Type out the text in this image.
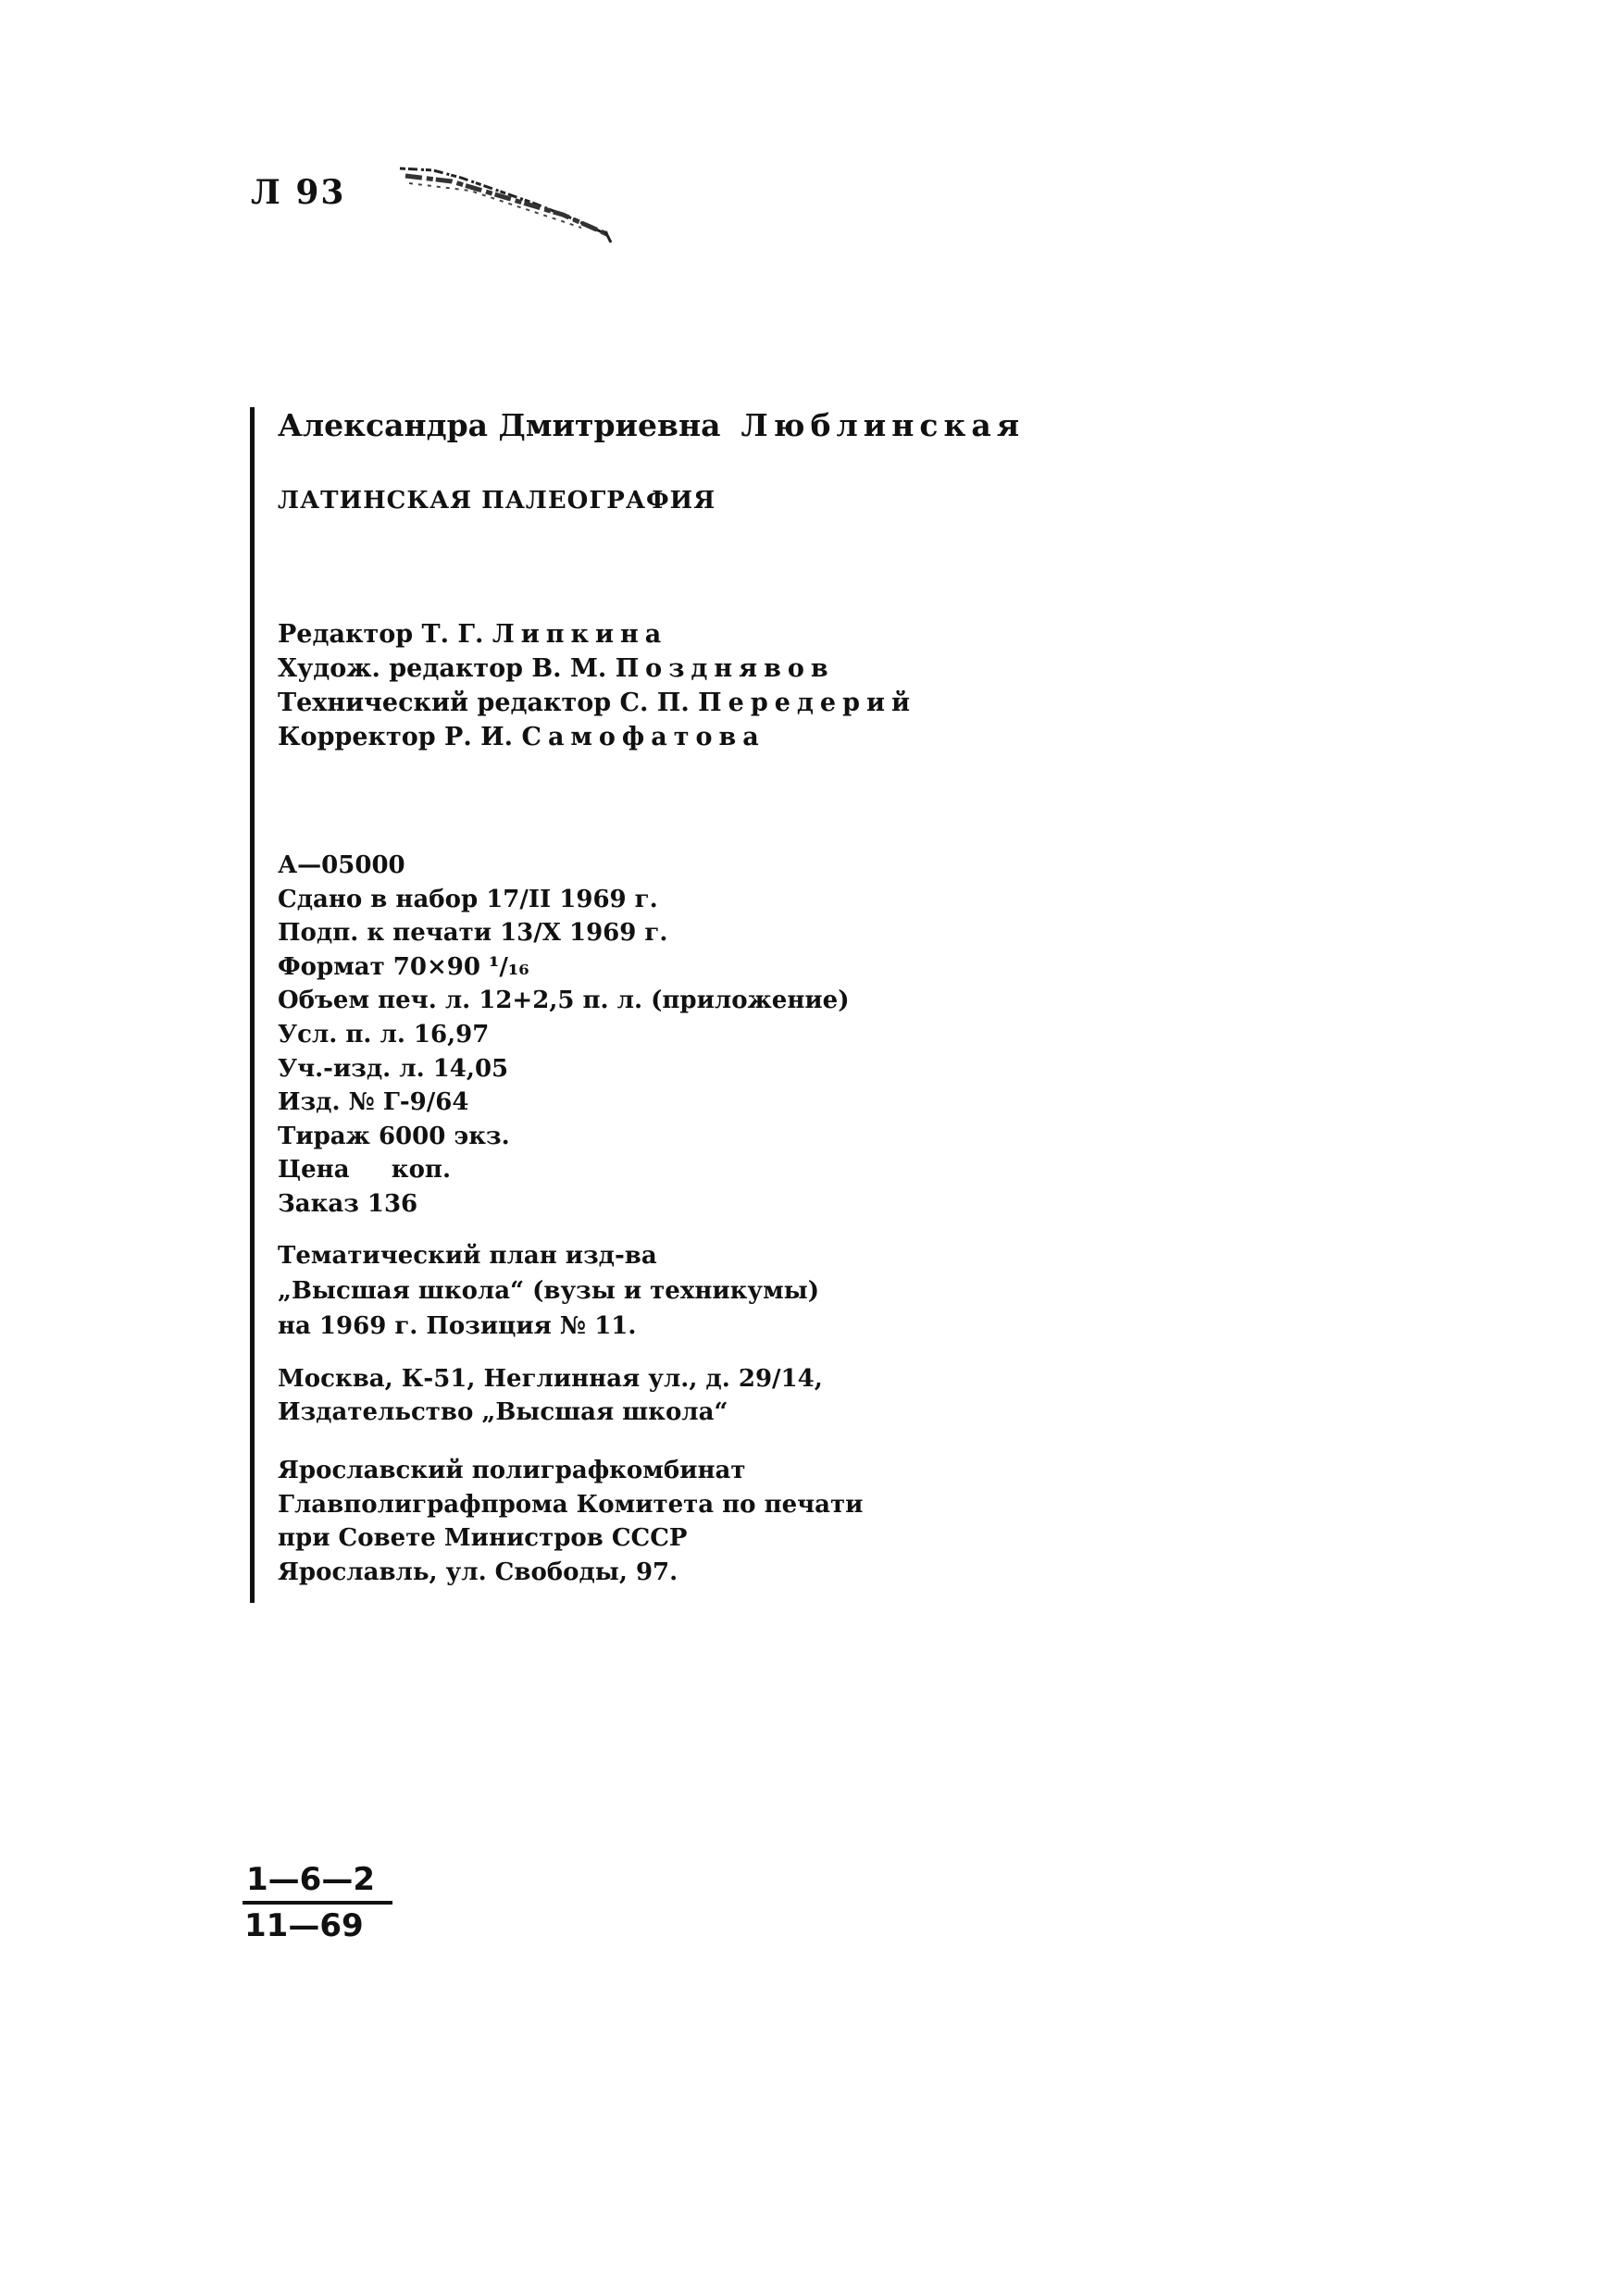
Л 93
Александра Дмитриевна Люблинская
ЛАТИНСКАЯ ПАЛЕОГРАФИЯ
Редактор Т. Г. Липкина
Худож. редактор В. М. Позднявов
Технический редактор С. П. Передерий
Корректор Р. И. Самофатова
А—05000
Сдано в набор 17/II 1969 г.
Подп. к печати 13/X 1969 г.
Формат 70×90 ¹/₁₆
Объем печ. л. 12+2,5 п. л. (приложение)
Усл. п. л. 16,97
Уч.-изд. л. 14,05
Изд. № Г-9/64
Тираж 6000 экз.
Цена     коп.
Заказ 136
Тематический план изд-ва
„Высшая школа“ (вузы и техникумы)
на 1969 г. Позиция № 11.
Москва, К-51, Неглинная ул., д. 29/14,
Издательство „Высшая школа“
Ярославский полиграфкомбинат
Главполиграфпрома Комитета по печати
при Совете Министров СССР
Ярославль, ул. Свободы, 97.
1—6—2
11—69
